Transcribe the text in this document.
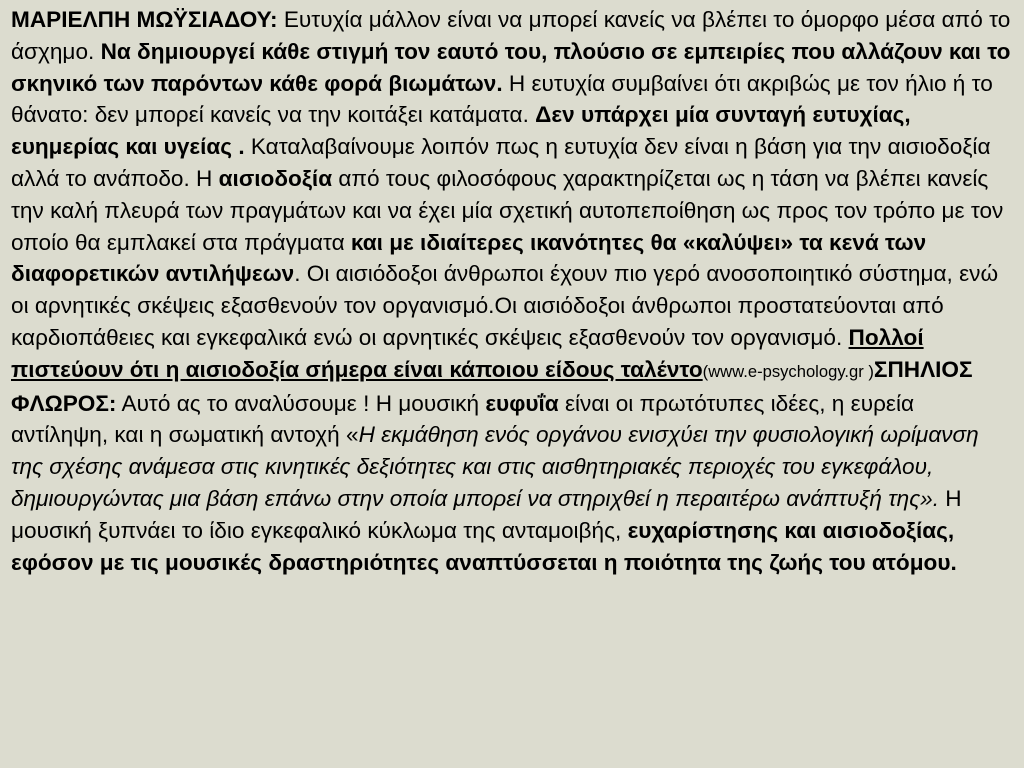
ΜΑΡΙΕΛΠΗ ΜΩΫΣΙΑΔΟΥ: Ευτυχία μάλλον είναι να μπορεί κανείς να βλέπει το όμορφο μέσα από το άσχημο. Να δημιουργεί κάθε στιγμή τον εαυτό του, πλούσιο σε εμπειρίες που αλλάζουν και το σκηνικό των παρόντων κάθε φορά βιωμάτων. Η ευτυχία συμβαίνει ότι ακριβώς με τον ήλιο ή το θάνατο: δεν μπορεί κανείς να την κοιτάξει κατάματα. Δεν υπάρχει μία συνταγή ευτυχίας, ευημερίας και υγείας . Καταλαβαίνουμε λοιπόν πως η ευτυχία δεν είναι η βάση για την αισιοδοξία αλλά το ανάποδο. Η αισιοδοξία από τους φιλοσόφους χαρακτηρίζεται ως η τάση να βλέπει κανείς την καλή πλευρά των πραγμάτων και να έχει μία σχετική αυτοπεποίθηση ως προς τον τρόπο με τον οποίο θα εμπλακεί στα πράγματα και με ιδιαίτερες ικανότητες θα «καλύψει» τα κενά των διαφορετικών αντιλήψεων. Οι αισιόδοξοι άνθρωποι έχουν πιο γερό ανοσοποιητικό σύστημα, ενώ οι αρνητικές σκέψεις εξασθενούν τον οργανισμό.Οι αισιόδοξοι άνθρωποι προστατεύονται από καρδιοπάθειες και εγκεφαλικά ενώ οι αρνητικές σκέψεις εξασθενούν τον οργανισμό. Πολλοί πιστεύουν ότι η αισιοδοξία σήμερα είναι κάποιου είδους ταλέντο(www.e-psychology.gr )ΣΠΗΛΙΟΣ ΦΛΩΡΟΣ: Αυτό ας το αναλύσουμε ! Η μουσική ευφυΐα είναι οι πρωτότυπες ιδέες, η ευρεία αντίληψη, και η σωματική αντοχή «Η εκμάθηση ενός οργάνου ενισχύει την φυσιολογική ωρίμανση της σχέσης ανάμεσα στις κινητικές δεξιότητες και στις αισθητηριακές περιοχές του εγκεφάλου, δημιουργώντας μια βάση επάνω στην οποία μπορεί να στηριχθεί η περαιτέρω ανάπτυξή της». Η μουσική ξυπνάει το ίδιο εγκεφαλικό κύκλωμα της ανταμοιβής, ευχαρίστησης και αισιοδοξίας, εφόσον με τις μουσικές δραστηριότητες αναπτύσσεται η ποιότητα της ζωής του ατόμου.
